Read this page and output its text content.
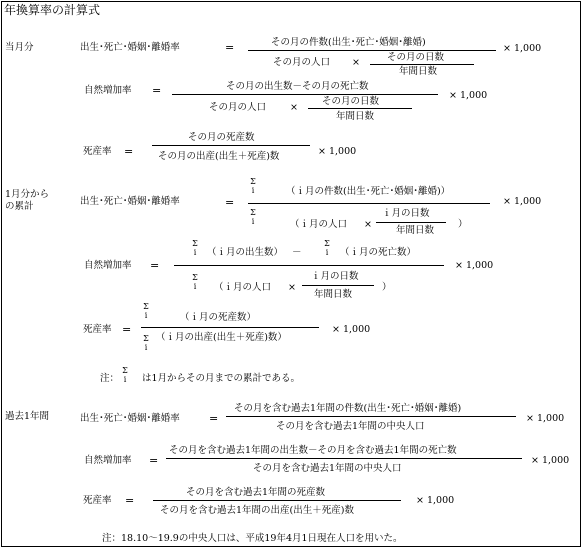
年換算率の計算式
当月分	出生･死亡･婚姻･離婚率	=	その月の件数(出生･死亡･婚姻･離婚)
その月の人口 ×	その月の日数
年間日数
× 1,000
自然増加率 =	その月の出生数－その月の死亡数
その月の人口	×
その月の日数
年間日数
× 1,000
死産率 =
その月の死産数
その月の出産(出生＋死産)数	× 1,000
1月分から
の累計	出生･死亡･婚姻･離婚率	=
Σ
i	（ｉ月の件数(出生･死亡･婚姻･離婚)）
Σ
i	（ｉ月の人口 ×
ｉ月の日数
年間日数
）
× 1,000
自然増加率 =
Σ
i	（ｉ月の出生数） －
Σ
i	（ｉ月の死亡数）
Σ
i	（ｉ月の人口 ×
ｉ月の日数
年間日数
）
× 1,000
死産率 =
Σ
i	（ｉ月の死産数）
Σ
i
（ｉ月の出産(出生＋死産)数）
× 1,000
注：
Σ
i	は1月からその月までの累計である。
過去1年間	出生･死亡･婚姻･離婚率	=
その月を含む過去1年間の件数(出生･死亡･婚姻･離婚)
その月を含む過去1年間の中央人口
× 1,000
自然増加率 =
その月を含む過去1年間の出生数－その月を含む過去1年間の死亡数
その月を含む過去1年間の中央人口
× 1,000
死産率 =
その月を含む過去1年間の死産数
その月を含む過去1年間の出産(出生＋死産)数
× 1,000
注：18.10～19.9の中央人口は、平成19年4月1日現在人口を用いた。
